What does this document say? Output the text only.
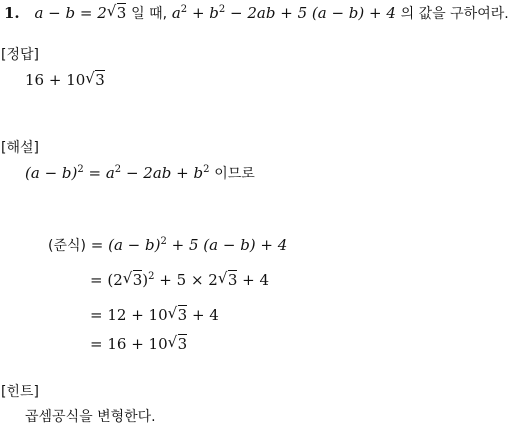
1. a − b = 2 √ 3 일 때, $a^2 + b^2 - 2ab + 5$ (a − b) + 4 의 값을 구하여라.
[정답]
16 + 10 √ 3
[해설]
$(a - b)^2 = a^2 - 2ab + b^2$ 이므로
(준식) = $(a - b)^2 + 5$ (a − b) + 4
= (2 √ 3)$^2$ + 5 × 2 √ 3 + 4
= 12 + 10 √ 3 + 4
= 16 + 10 √ 3
[힌트]
곱셈공식을 변형한다.
